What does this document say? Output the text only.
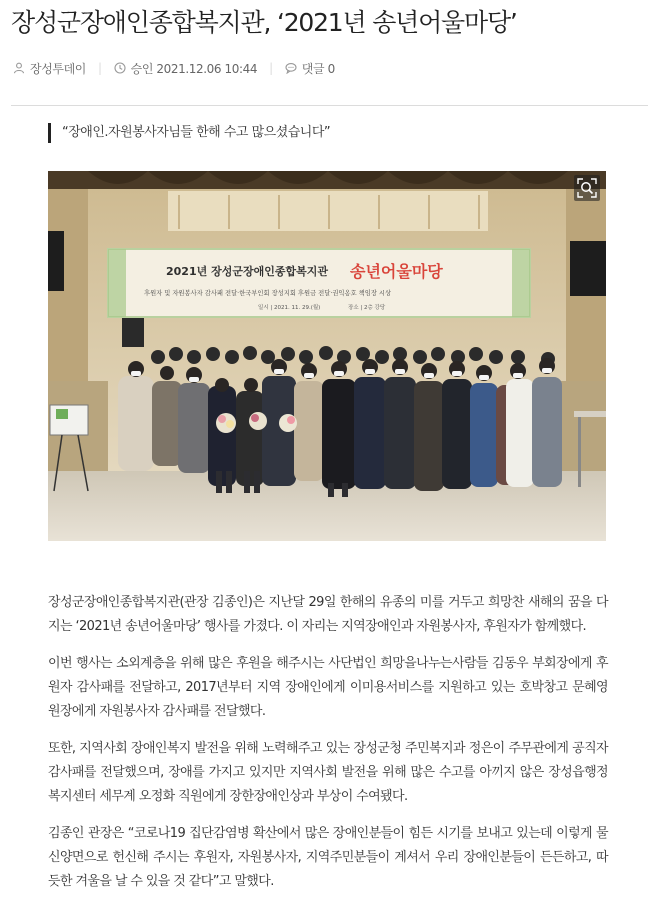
장성군장애인종합복지관, ‘2021년 송년어울마당’
장성투데이 | 승인 2021.12.06 10:44 | 댓글 0
“장애인.자원봉사자님들 한해 수고 많으셨습니다”
2021년 장성군장애인종합복지관 송년어울마당
후원자 및 자원봉사자 감사패 전달·한국부인회 장성지회 후원금 전달·권익옹호 책임장 시상
일시 | 2021. 11. 29.(월)	장소 | 2층 강당

장성군장애인종합복지관(관장 김종인)은 지난달 29일 한해의 유종의 미를 거두고 희망찬 새해의 꿈을 다지는 ‘2021년 송년어울마당’ 행사를 가졌다. 이 자리는 지역장애인과 자원봉사자, 후원자가 함께했다.

이번 행사는 소외계층을 위해 많은 후원을 해주시는 사단법인 희망을나누는사람들 김동우 부회장에게 후원자 감사패를 전달하고, 2017년부터 지역 장애인에게 이미용서비스를 지원하고 있는 호박창고 문혜영 원장에게 자원봉사자 감사패를 전달했다.

또한, 지역사회 장애인복지 발전을 위해 노력해주고 있는 장성군청 주민복지과 정은이 주무관에게 공직자 감사패를 전달했으며, 장애를 가지고 있지만 지역사회 발전을 위해 많은 수고를 아끼지 않은 장성읍행정복지센터 세무계 오정화 직원에게 장한장애인상과 부상이 수여됐다.

김종인 관장은 “코로나19 집단감염병 확산에서 많은 장애인분들이 힘든 시기를 보내고 있는데 이렇게 물신양면으로 헌신해 주시는 후원자, 자원봉사자, 지역주민분들이 계셔서 우리 장애인분들이 든든하고, 따듯한 겨울을 날 수 있을 것 같다”고 말했다.
